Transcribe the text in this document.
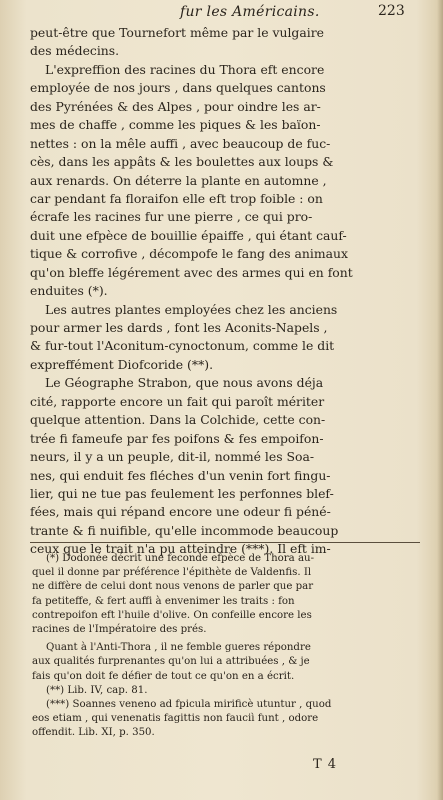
fur les Américains.	223
peut-être que Tournefort même par le vulgaire
des médecins.
L'expreffion des racines du Thora eft encore
employée de nos jours , dans quelques cantons
des Pyrénées & des Alpes , pour oindre les ar-
mes de chaffe , comme les piques & les baïon-
nettes : on la mêle auffi , avec beaucoup de fuc-
cès, dans les appâts & les boulettes aux loups &
aux renards. On déterre la plante en automne ,
car pendant fa floraifon elle eft trop foible : on
écrafe les racines fur une pierre , ce qui pro-
duit une efpèce de bouillie épaiffe , qui étant cauf-
tique & corrofive , décompofe le fang des animaux
qu'on bleffe légérement avec des armes qui en font
enduites (*).
Les autres plantes employées chez les anciens
pour armer les dards , font les Aconits-Napels ,
& fur-tout l'Aconitum-cynoctonum, comme le dit
expreffément Diofcoride (**).
Le Géographe Strabon, que nous avons déja
cité, rapporte encore un fait qui paroît mériter
quelque attention. Dans la Colchide, cette con-
trée fi fameufe par fes poifons & fes empoifon-
neurs, il y a un peuple, dit-il, nommé les Soa-
nes, qui enduit fes fléches d'un venin fort fingu-
lier, qui ne tue pas feulement les perfonnes blef-
fées, mais qui répand encore une odeur fi péné-
trante & fi nuifible, qu'elle incommode beaucoup
ceux que le trait n'a pu atteindre (***). Il eft im-
(*) Dodonée décrit une feconde efpèce de Thora au-
quel il donne par préférence l'épithète de Valdenfis. Il
ne diffère de celui dont nous venons de parler que par
fa petiteffe, & fert auffi à envenimer les traits : fon
contrepoifon eft l'huile d'olive. On confeille encore les
racines de l'Impératoire des prés.
Quant à l'Anti-Thora , il ne femble gueres répondre
aux qualités furprenantes qu'on lui a attribuées , & je
fais qu'on doit fe défier de tout ce qu'on en a écrit.
(**) Lib. IV, cap. 81.
(***) Soannes veneno ad fpicula mirificè utuntur , quod
eos etiam , qui venenatis fagittis non fauciì funt , odore
offendit. Lib. XI, p. 350.
T 4
